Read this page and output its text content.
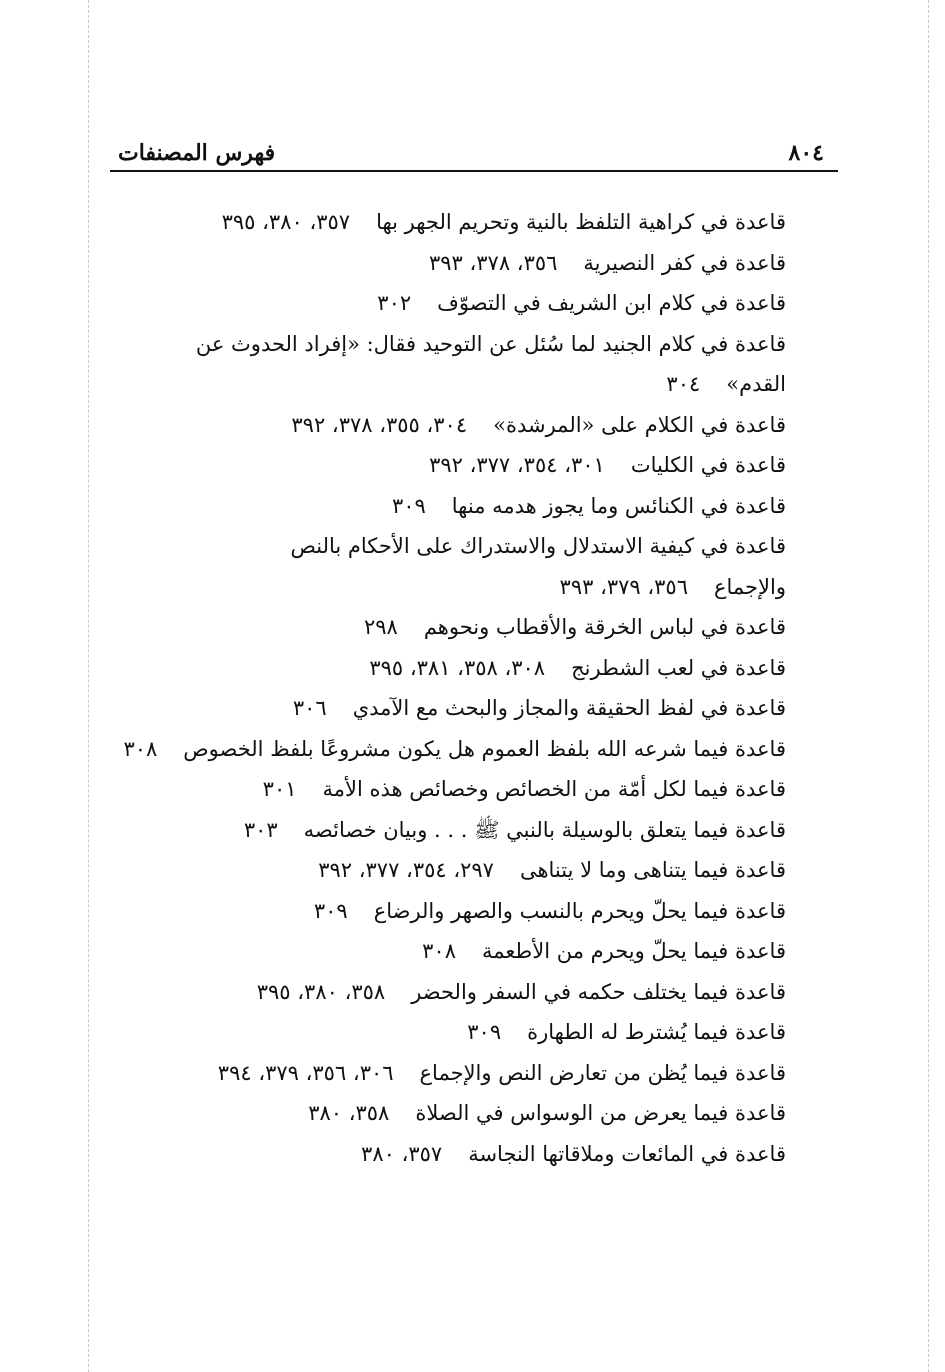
٨٠٤
فهرس المصنفات
قاعدة في كراهية التلفظ بالنية وتحريم الجهر بها٣٥٧، ٣٨٠، ٣٩٥
قاعدة في كفر النصيرية٣٥٦، ٣٧٨، ٣٩٣
قاعدة في كلام ابن الشريف في التصوّف٣٠٢
قاعدة في كلام الجنيد لما سُئل عن التوحيد فقال: «إفراد الحدوث عن القدم»٣٠٤
قاعدة في الكلام على «المرشدة»٣٠٤، ٣٥٥، ٣٧٨، ٣٩٢
قاعدة في الكليات٣٠١، ٣٥٤، ٣٧٧، ٣٩٢
قاعدة في الكنائس وما يجوز هدمه منها٣٠٩
قاعدة في كيفية الاستدلال والاستدراك على الأحكام بالنص والإجماع٣٥٦، ٣٧٩، ٣٩٣
قاعدة في لباس الخرقة والأقطاب ونحوهم٢٩٨
قاعدة في لعب الشطرنج٣٠٨، ٣٥٨، ٣٨١، ٣٩٥
قاعدة في لفظ الحقيقة والمجاز والبحث مع الآمدي٣٠٦
قاعدة فيما شرعه الله بلفظ العموم هل يكون مشروعًا بلفظ الخصوص٣٠٨
قاعدة فيما لكل أمّة من الخصائص وخصائص هذه الأمة٣٠١
قاعدة فيما يتعلق بالوسيلة بالنبي ﷺ . . . وبيان خصائصه٣٠٣
قاعدة فيما يتناهى وما لا يتناهى٢٩٧، ٣٥٤، ٣٧٧، ٣٩٢
قاعدة فيما يحلّ ويحرم بالنسب والصهر والرضاع٣٠٩
قاعدة فيما يحلّ ويحرم من الأطعمة٣٠٨
قاعدة فيما يختلف حكمه في السفر والحضر٣٥٨، ٣٨٠، ٣٩٥
قاعدة فيما يُشترط له الطهارة٣٠٩
قاعدة فيما يُظن من تعارض النص والإجماع٣٠٦، ٣٥٦، ٣٧٩، ٣٩٤
قاعدة فيما يعرض من الوسواس في الصلاة٣٥٨، ٣٨٠
قاعدة في المائعات وملاقاتها النجاسة٣٥٧، ٣٨٠
